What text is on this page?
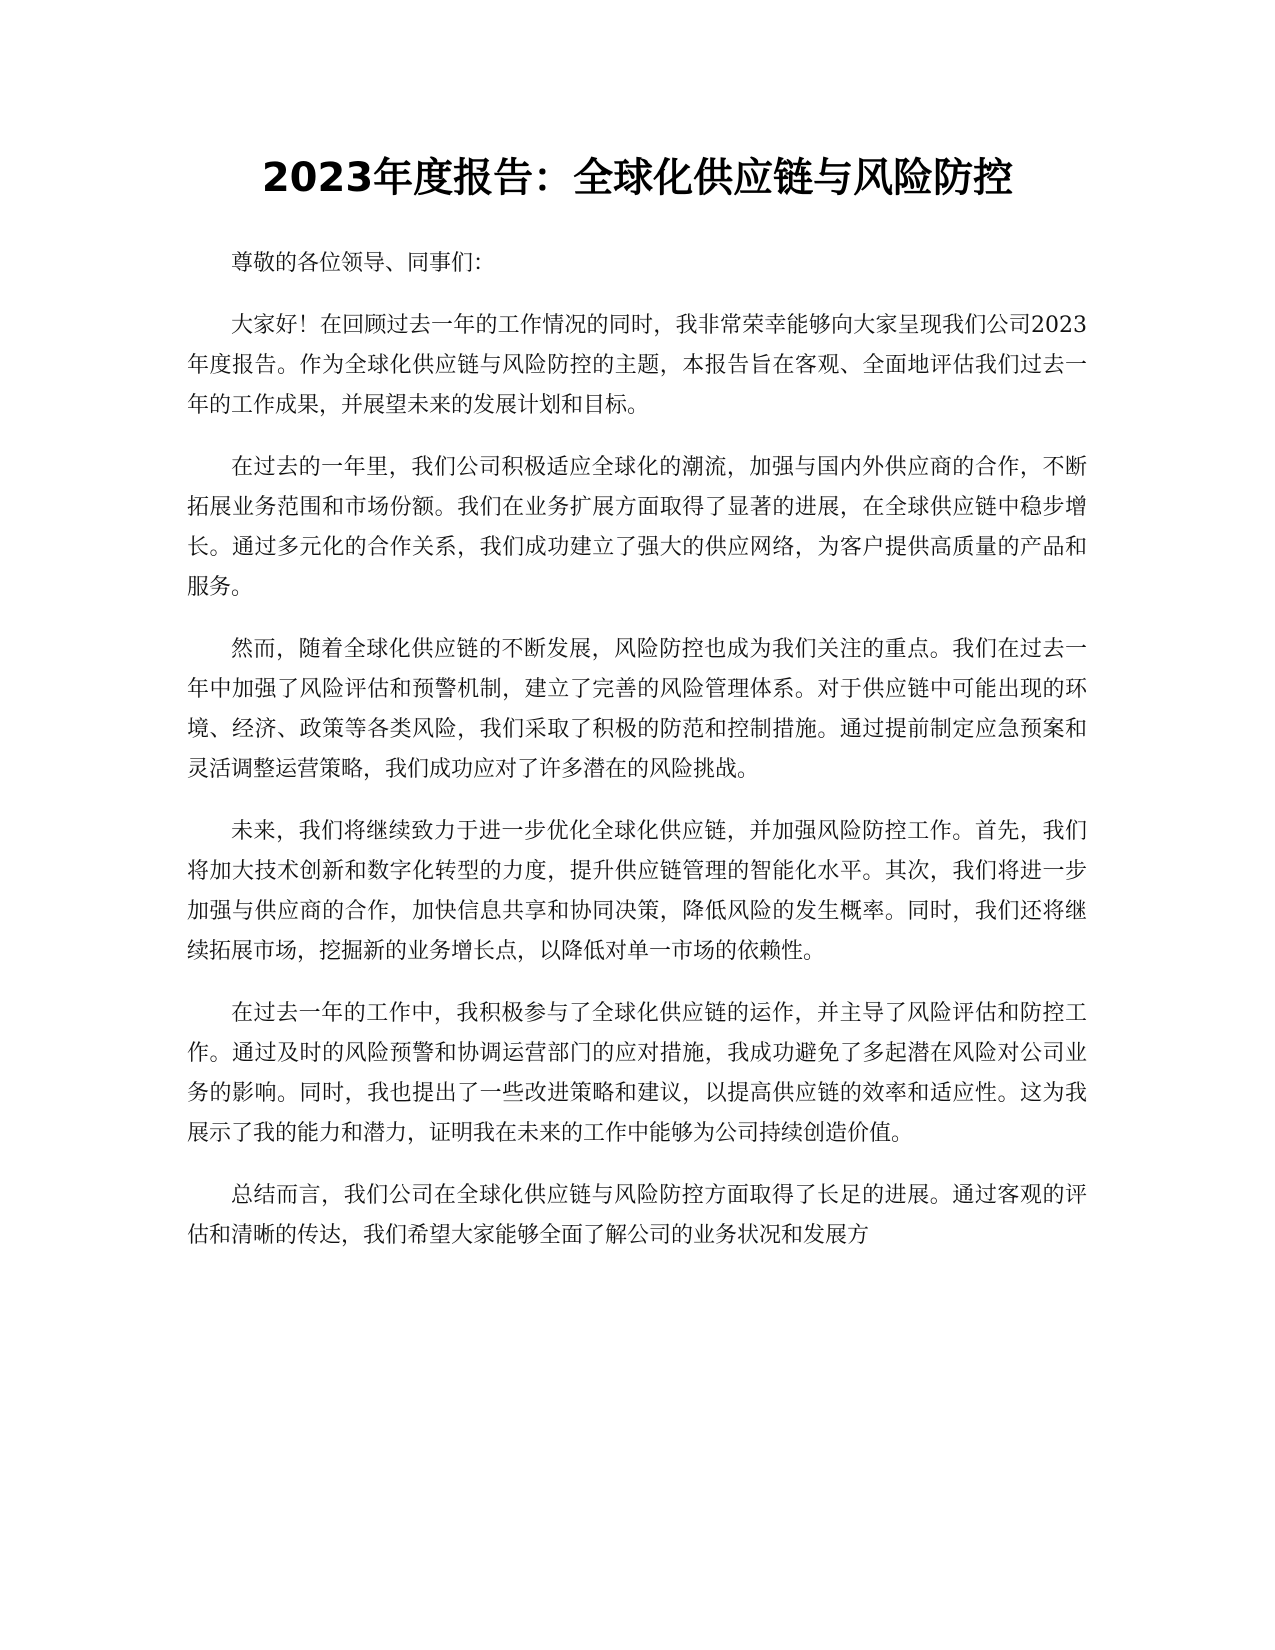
2023年度报告：全球化供应链与风险防控

尊敬的各位领导、同事们：

大家好！在回顾过去一年的工作情况的同时，我非常荣幸能够向大家呈现我们公司2023年度报告。作为全球化供应链与风险防控的主题，本报告旨在客观、全面地评估我们过去一年的工作成果，并展望未来的发展计划和目标。

在过去的一年里，我们公司积极适应全球化的潮流，加强与国内外供应商的合作，不断拓展业务范围和市场份额。我们在业务扩展方面取得了显著的进展，在全球供应链中稳步增长。通过多元化的合作关系，我们成功建立了强大的供应网络，为客户提供高质量的产品和服务。

然而，随着全球化供应链的不断发展，风险防控也成为我们关注的重点。我们在过去一年中加强了风险评估和预警机制，建立了完善的风险管理体系。对于供应链中可能出现的环境、经济、政策等各类风险，我们采取了积极的防范和控制措施。通过提前制定应急预案和灵活调整运营策略，我们成功应对了许多潜在的风险挑战。

未来，我们将继续致力于进一步优化全球化供应链，并加强风险防控工作。首先，我们将加大技术创新和数字化转型的力度，提升供应链管理的智能化水平。其次，我们将进一步加强与供应商的合作，加快信息共享和协同决策，降低风险的发生概率。同时，我们还将继续拓展市场，挖掘新的业务增长点，以降低对单一市场的依赖性。

在过去一年的工作中，我积极参与了全球化供应链的运作，并主导了风险评估和防控工作。通过及时的风险预警和协调运营部门的应对措施，我成功避免了多起潜在风险对公司业务的影响。同时，我也提出了一些改进策略和建议，以提高供应链的效率和适应性。这为我展示了我的能力和潜力，证明我在未来的工作中能够为公司持续创造价值。

总结而言，我们公司在全球化供应链与风险防控方面取得了长足的进展。通过客观的评估和清晰的传达，我们希望大家能够全面了解公司的业务状况和发展方
